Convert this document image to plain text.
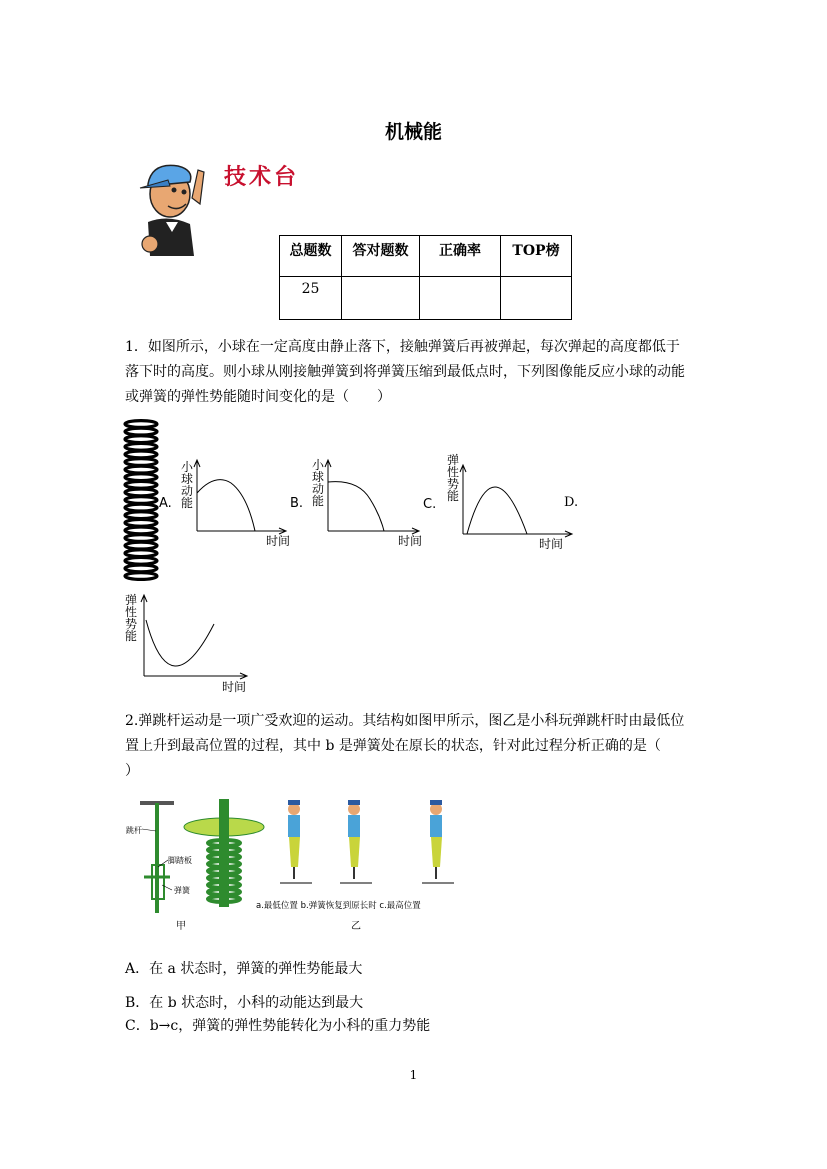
机械能
技术台
总题数	答对题数	正确率	TOP榜
25			
1．如图所示，小球在一定高度由静止落下，接触弹簧后再被弹起，每次弹起的高度都低于
落下时的高度。则小球从刚接触弹簧到将弹簧压缩到最低点时，下列图像能反应小球的动能
或弹簧的弹性势能随时间变化的是（　　）
A.
小球动能
时间
B.
小球动能
时间
C.
弹性势能
时间
D.
弹性势能
时间
2.弹跳杆运动是一项广受欢迎的运动。其结构如图甲所示，图乙是小科玩弹跳杆时由最低位
置上升到最高位置的过程，其中 b 是弹簧处在原长的状态，针对此过程分析正确的是（
）
跳杆
脚踏板
弹簧
甲
a.最低位置 b.弹簧恢复到原长时 c.最高位置
乙
A．在 a 状态时，弹簧的弹性势能最大
B．在 b 状态时，小科的动能达到最大
C．b→c，弹簧的弹性势能转化为小科的重力势能
1
